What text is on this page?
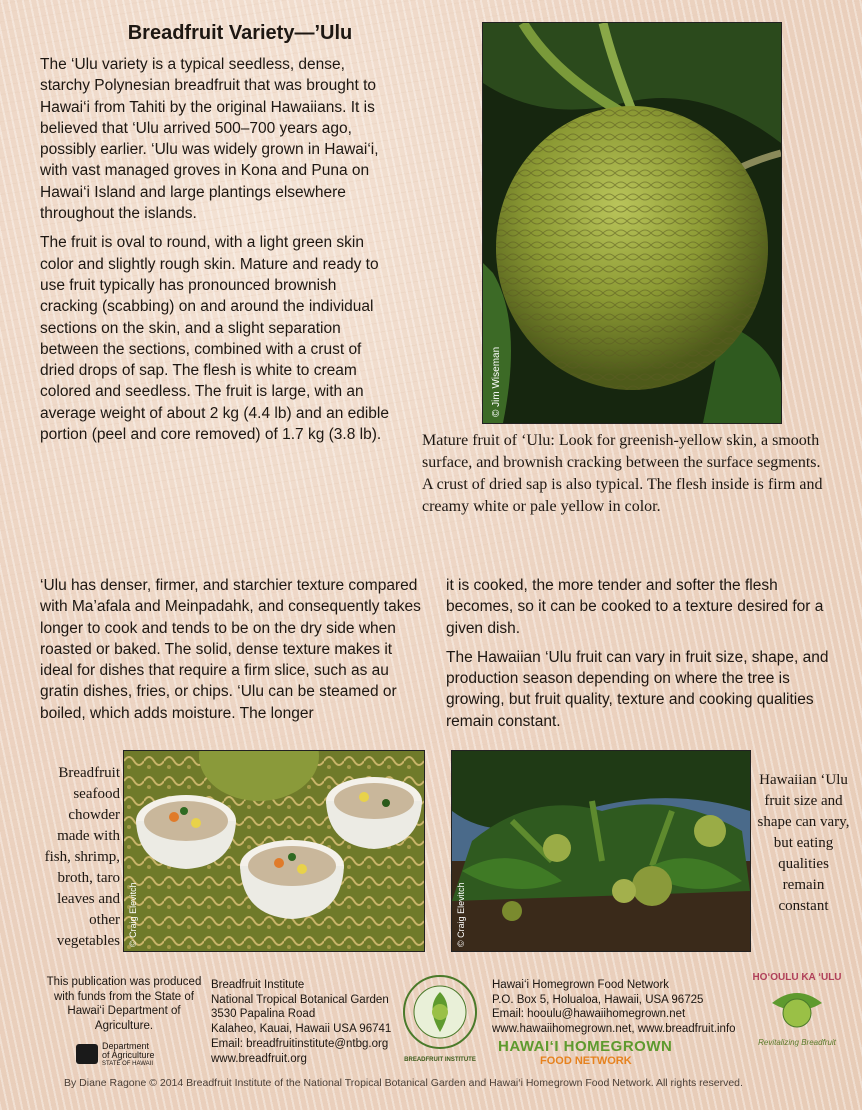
Breadfruit Variety—’Ulu

The ‘Ulu variety is a typical seedless, dense, starchy Polynesian breadfruit that was brought to Hawai‘i from Tahiti by the original Hawaiians. It is believed that ‘Ulu arrived 500–700 years ago, possibly earlier. ‘Ulu was widely grown in Hawai‘i, with vast managed groves in Kona and Puna on Hawai‘i Island and large plantings elsewhere throughout the islands.

The fruit is oval to round, with a light green skin color and slightly rough skin. Mature and ready to use fruit typically has pronounced brownish cracking (scabbing) on and around the individual sections on the skin, and a slight separation between the sections, combined with a crust of dried drops of sap. The flesh is white to cream colored and seedless. The fruit is large, with an average weight of about 2 kg (4.4 lb) and an edible portion (peel and core removed) of 1.7 kg (3.8 lb).

© Jim Wiseman
Mature fruit of ‘Ulu: Look for greenish-yellow skin, a smooth surface, and brownish cracking between the surface segments. A crust of dried sap is also typical. The flesh inside is firm and creamy white or pale yellow in color.

‘Ulu has denser, firmer, and starchier texture compared with Ma’afala and Meinpadahk, and consequently takes longer to cook and tends to be on the dry side when roasted or baked. The solid, dense texture makes it ideal for dishes that require a firm slice, such as au gratin dishes, fries, or chips. ‘Ulu can be steamed or boiled, which adds moisture. The longer

it is cooked, the more tender and softer the flesh becomes, so it can be cooked to a texture desired for a given dish.

The Hawaiian ‘Ulu fruit can vary in fruit size, shape, and production season depending on where the tree is growing, but fruit quality, texture and cooking qualities remain constant.

Breadfruit seafood chowder made with fish, shrimp, broth, taro leaves and other vegetables © Craig Elevitch	© Craig Elevitch
Hawaiian ‘Ulu fruit size and shape can vary, but eating qualities remain constant
This publication was produced with funds from the State of Hawai‘i Department of Agriculture.
Department
of Agriculture
STATE OF HAWAII
Breadfruit Institute
National Tropical Botanical Garden
3530 Papalina Road
Kalaheo, Kauai, Hawaii USA 96741
Email: breadfruitinstitute@ntbg.org
www.breadfruit.org	BREADFRUIT INSTITUTE
Hawai‘i Homegrown Food Network
P.O. Box 5, Holualoa, Hawaii, USA 96725
Email: hooulu@hawaiihomegrown.net
www.hawaiihomegrown.net, www.breadfruit.info
HAWAI‘I HOMEGROWN
FOOD NETWORK
HO‘OULU KA ‘ULU
Revitalizing Breadfruit
By Diane Ragone © 2014 Breadfruit Institute of the National Tropical Botanical Garden and Hawai‘i Homegrown Food Network. All rights reserved.
